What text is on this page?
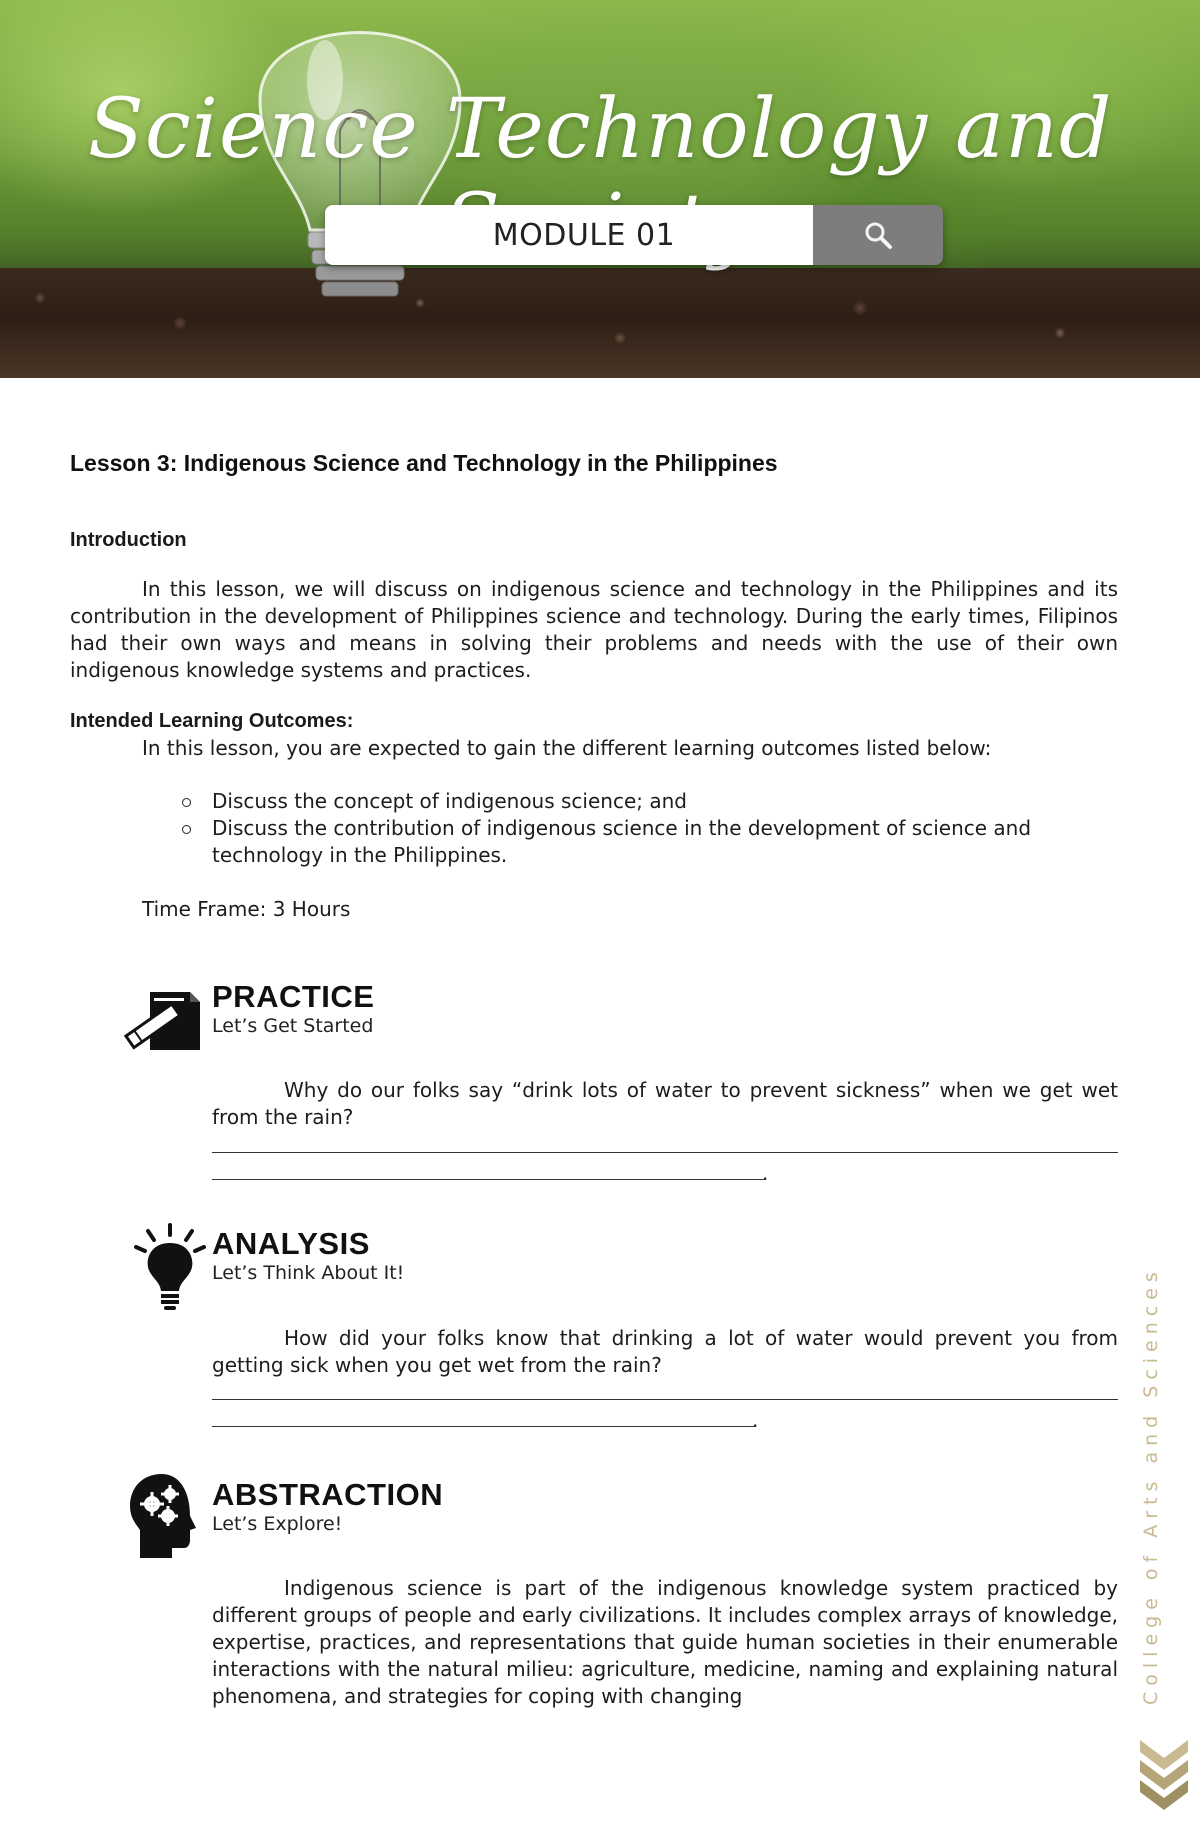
Science Technology and
MODULE 01
Lesson 3: Indigenous Science and Technology in the Philippines
Introduction

In this lesson, we will discuss on indigenous science and technology in the Philippines and its contribution in the development of Philippines science and technology. During the early times, Filipinos had their own ways and means in solving their problems and needs with the use of their own indigenous knowledge systems and practices.

Intended Learning Outcomes:

In this lesson, you are expected to gain the different learning outcomes listed below:

Discuss the concept of indigenous science; and
Discuss the contribution of indigenous science in the development of science and technology in the Philippines.

Time Frame: 3 Hours

PRACTICE
Let’s Get Started

Why do our folks say “drink lots of water to prevent sickness” when we get wet from the rain?

.
ANALYSIS
Let’s Think About It!

How did your folks know that drinking a lot of water would prevent you from getting sick when you get wet from the rain?

.
ABSTRACTION
Let’s Explore!

Indigenous science is part of the indigenous knowledge system practiced by different groups of people and early civilizations. It includes complex arrays of knowledge, expertise, practices, and representations that guide human societies in their enumerable interactions with the natural milieu: agriculture, medicine, naming and explaining natural phenomena, and strategies for coping with changing	College of Arts and Sciences
